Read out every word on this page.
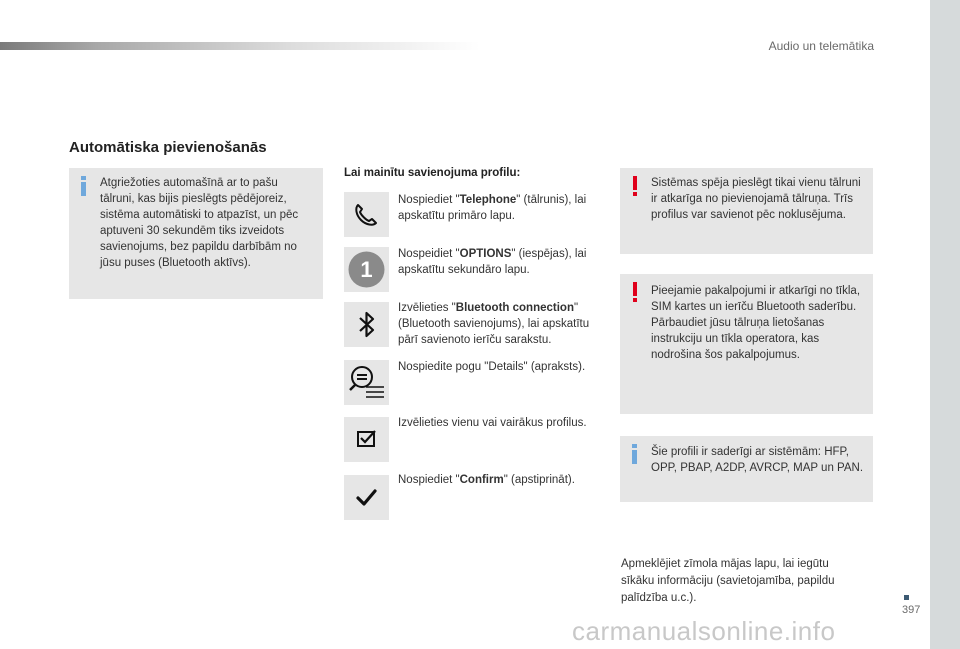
Audio un telemātika
Automātiska pievienošanās
Atgriežoties automašīnā ar to pašu tālruni, kas bijis pieslēgts pēdējoreiz, sistēma automātiski to atpazīst, un pēc aptuveni 30 sekundēm tiks izveidots savienojums, bez papildu darbībām no jūsu puses (Bluetooth aktīvs).
Lai mainītu savienojuma profilu:
Nospiediet "Telephone" (tālrunis), lai apskatītu primāro lapu.
1
Nospeidiet "OPTIONS" (iespējas), lai apskatītu sekundāro lapu.
Izvēlieties "Bluetooth connection" (Bluetooth savienojums), lai apskatītu pārī savienoto ierīču sarakstu.
Nospiedite pogu "Details" (apraksts).
Izvēlieties vienu vai vairākus profilus.
Nospiediet "Confirm" (apstiprināt).
Sistēmas spēja pieslēgt tikai vienu tālruni ir atkarīga no pievienojamā tālruņa. Trīs profilus var savienot pēc noklusējuma.
Pieejamie pakalpojumi ir atkarīgi no tīkla, SIM kartes un ierīču Bluetooth saderību. Pārbaudiet jūsu tālruņa lietošanas instrukciju un tīkla operatora, kas nodrošina šos pakalpojumus.
Šie profili ir saderīgi ar sistēmām: HFP, OPP, PBAP, A2DP, AVRCP, MAP un PAN.
Apmeklējiet zīmola mājas lapu, lai iegūtu sīkāku informāciju (savietojamība, papildu palīdzība u.c.).
397
carmanualsonline.info
